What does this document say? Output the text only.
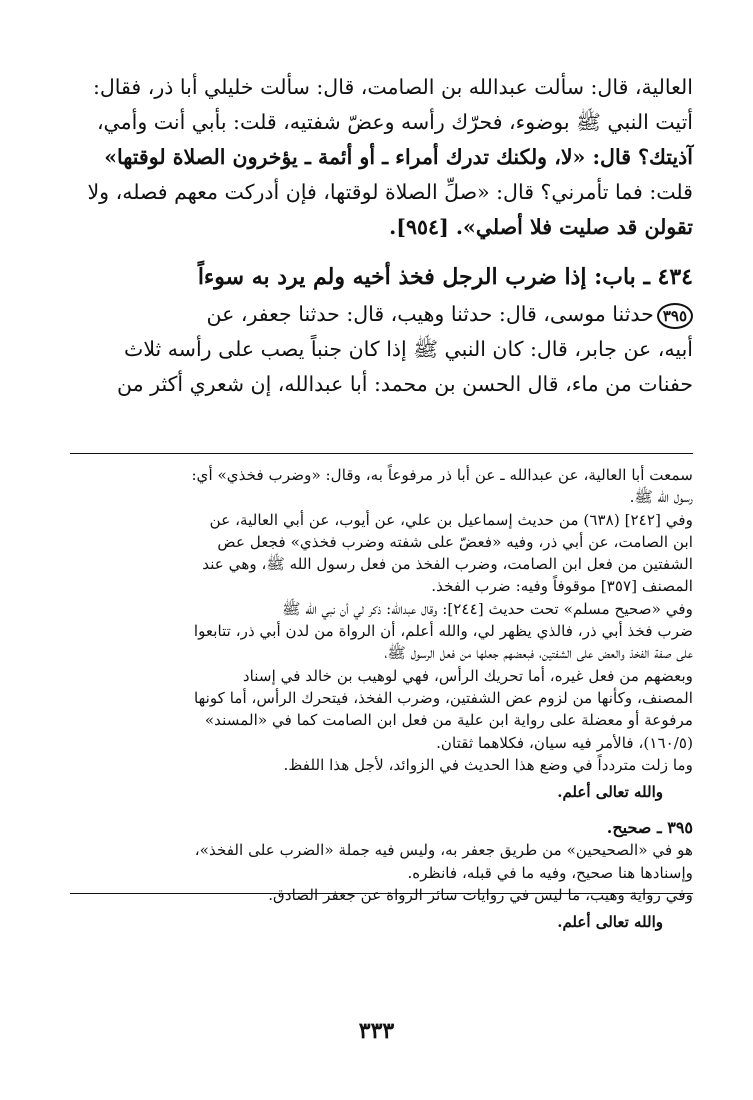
العالية، قال: سألت عبدالله بن الصامت، قال: سألت خليلي أبا ذر، فقال:

أتيت النبي ﷺ بوضوء، فحرّك رأسه وعضّ شفتيه، قلت: بأبي أنت وأمي،

آذيتك؟ قال: «لا، ولكنك تدرك أمراء ـ أو أئمة ـ يؤخرون الصلاة لوقتها»

قلت: فما تأمرني؟ قال: «صلِّ الصلاة لوقتها، فإن أدركت معهم فصله، ولا

تقولن قد صليت فلا أصلي». [٩٥٤].

٤٣٤ ـ باب: إذا ضرب الرجل فخذ أخيه ولم يرد به سوءاً

٣٩٥حدثنا موسى، قال: حدثنا وهيب، قال: حدثنا جعفر، عن

أبيه، عن جابر، قال: كان النبي ﷺ إذا كان جنباً يصب على رأسه ثلاث

حفنات من ماء، قال الحسن بن محمد: أبا عبدالله، إن شعري أكثر من

سمعت أبا العالية، عن عبدالله ـ عن أبا ذر مرفوعاً به، وقال: «وضرب فخذي» أي:

رسول الله ﷺ.

وفي [٢٤٢] (٦٣٨) من حديث إسماعيل بن علي، عن أيوب، عن أبي العالية، عن

ابن الصامت، عن أبي ذر، وفيه «فعضّ على شفته وضرب فخذي» فجعل عض

الشفتين من فعل ابن الصامت، وضرب الفخذ من فعل رسول الله ﷺ، وهي عند

المصنف [٣٥٧] موقوفاً وفيه: ضرب الفخذ.

وفي «صحيح مسلم» تحت حديث [٢٤٤]: وقال عبدالله: ذكر لي أن نبي الله ﷺ

ضرب فخذ أبي ذر، فالذي يظهر لي، والله أعلم، أن الرواة من لدن أبي ذر، تتابعوا

على صفة الفخذ والعض على الشفتين، فبعضهم جعلها من فعل الرسول ﷺ،

وبعضهم من فعل غيره، أما تحريك الرأس، فهي لوهيب بن خالد في إسناد

المصنف، وكأنها من لزوم عض الشفتين، وضرب الفخذ، فيتحرك الرأس، أما كونها

مرفوعة أو معضلة على رواية ابن علية من فعل ابن الصامت كما في «المسند»

(١٦٠/٥)، فالأمر فيه سيان، فكلاهما ثقتان.

وما زلت متردداً في وضع هذا الحديث في الزوائد، لأجل هذا اللفظ.

والله تعالى أعلم.

٣٩٥ ـ صحيح.

هو في «الصحيحين» من طريق جعفر به، وليس فيه جملة «الضرب على الفخذ»،

وإسنادها هنا صحيح، وفيه ما في قبله، فانظره.

وفي رواية وهيب، ما ليس في روايات سائر الرواة عن جعفر الصادق.

والله تعالى أعلم.
٣٣٣
